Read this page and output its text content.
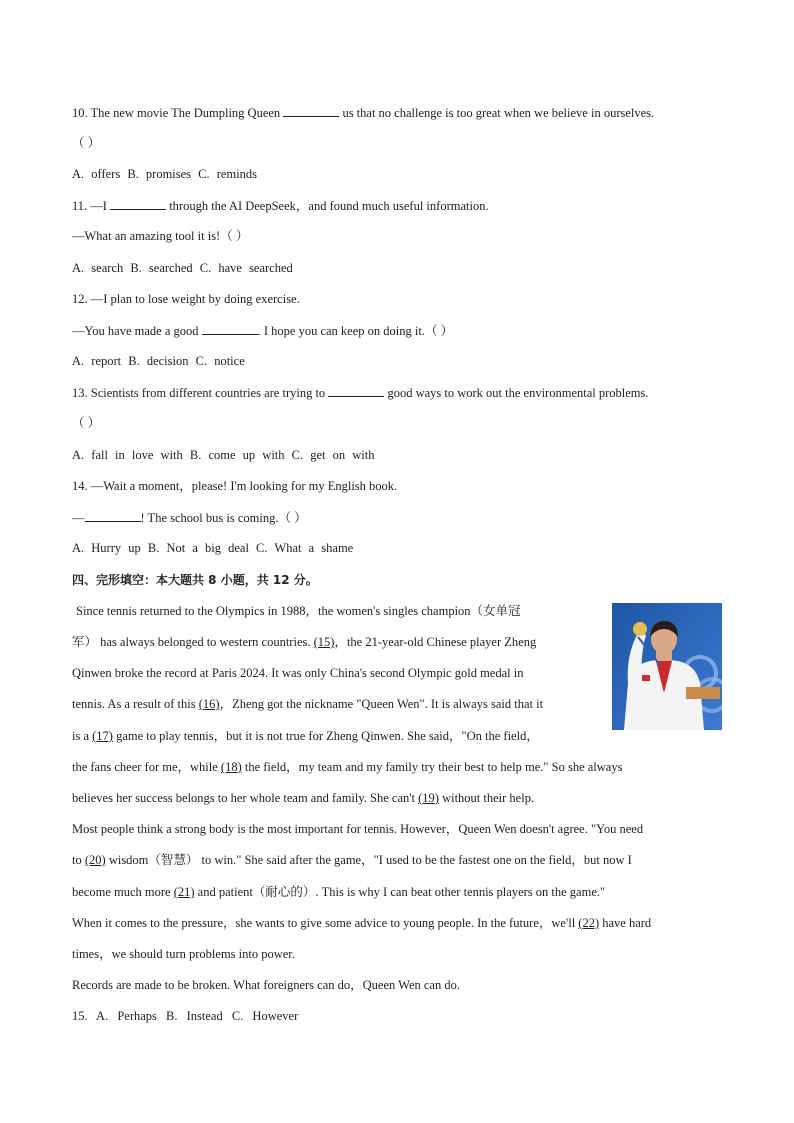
10. The new movie The Dumpling Queen	us that no challenge is too great when we believe in ourselves.
（ ）
A. offers B. promises C. reminds
11. —I	through the AI DeepSeek，and found much useful information.
—What an amazing tool it is!（ ）
A. search B. searched C. have searched
12. —I plan to lose weight by doing exercise.
—You have made a good	. I hope you can keep on doing it.（ ）
A. report B. decision C. notice
13. Scientists from different countries are trying to	good ways to work out the environmental problems.
（ ）
A. fall in love with B. come up with C. get on with
14. —Wait a moment，please! I'm looking for my English book.
—	! The school bus is coming.（ ）
A. Hurry up B. Not a big deal C. What a shame
四、完形填空：本大题共 8 小题，共 12 分。
Since tennis returned to the Olympics in 1988，the women's singles champion（女单冠
军） has always belonged to western countries. (15)，the 21-year-old Chinese player Zheng
Qinwen broke the record at Paris 2024. It was only China's second Olympic gold medal in
tennis. As a result of this (16)，Zheng got the nickname "Queen Wen". It is always said that it
is a (17) game to play tennis，but it is not true for Zheng Qinwen. She said，"On the field，
the fans cheer for me，while (18) the field，my team and my family try their best to help me." So she always
believes her success belongs to her whole team and family. She can't (19) without their help.
Most people think a strong body is the most important for tennis. However，Queen Wen doesn't agree. "You need
to (20) wisdom（智慧） to win." She said after the game，"I used to be the fastest one on the field，but now I
become much more (21) and patient（耐心的）. This is why I can beat other tennis players on the game."
When it comes to the pressure，she wants to give some advice to young people. In the future，we'll (22) have hard
times，we should turn problems into power.
Records are made to be broken. What foreigners can do，Queen Wen can do.
15. A. Perhaps B. Instead C. However
